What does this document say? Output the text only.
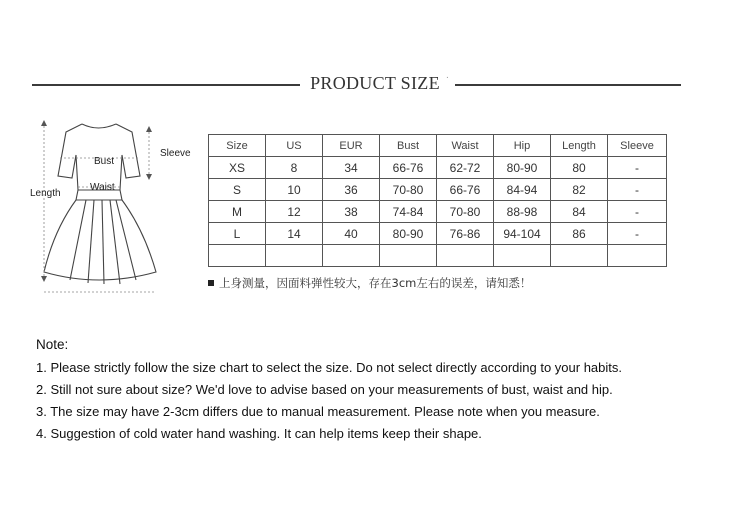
PRODUCT SIZE .
Bust
Waist
Sleeve
Length
Size	US	EUR	Bust	Waist	Hip	Length	Sleeve
XS	8	34	66-76	62-72	80-90	80	-
S	10	36	70-80	66-76	84-94	82	-
M	12	38	74-84	70-80	88-98	84	-
L	14	40	80-90	76-86	94-104	86	-

上身测量，因面料弹性较大，存在3cm左右的误差，请知悉！
Note:
1. Please strictly follow the size chart to select the size. Do not select directly according to your habits.
2. Still not sure about size? We'd love to advise based on your measurements of bust, waist and hip.
3. The size may have 2-3cm differs due to manual measurement. Please note when you measure.
4. Suggestion of cold water hand washing. It can help items keep their shape.
